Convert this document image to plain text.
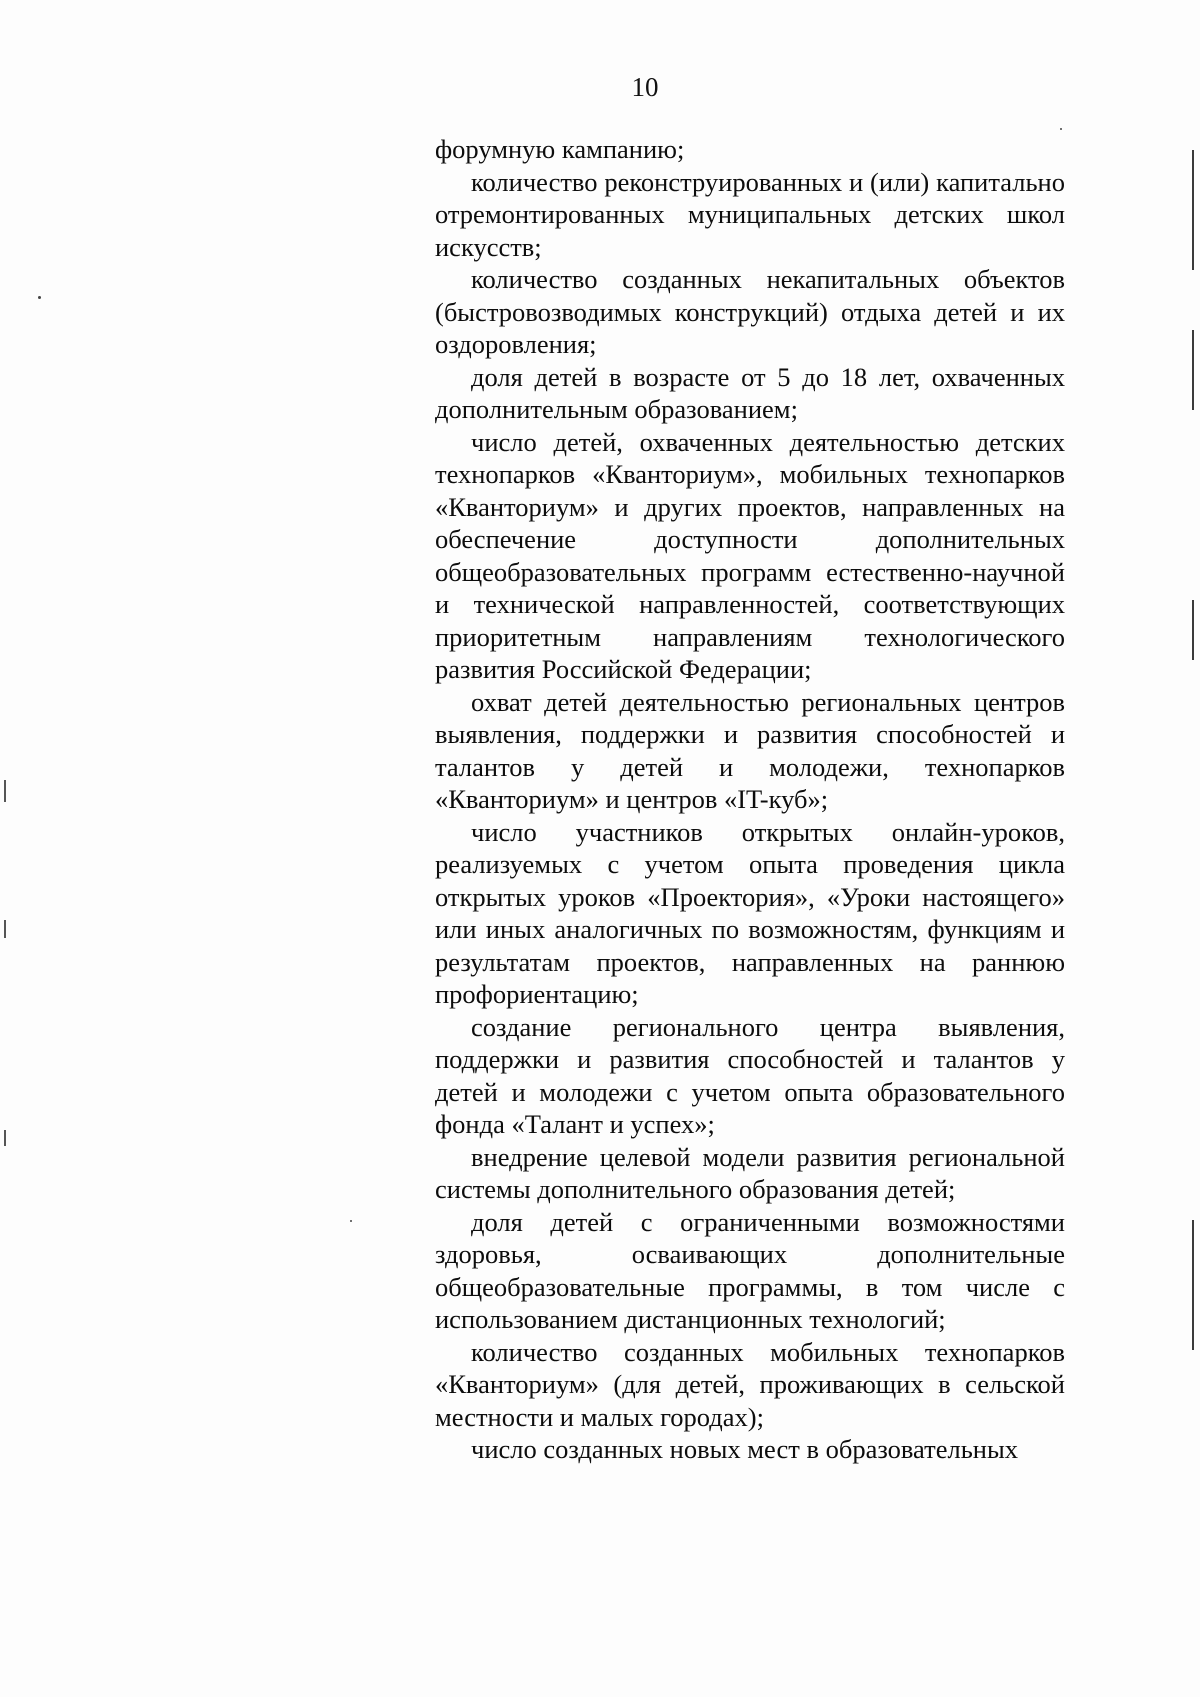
10

форумную кампанию;

количество реконструированных и (или) капитально отремонтированных муниципальных детских школ искусств;

количество созданных некапитальных объектов (быстровозводимых конструкций) отдыха детей и их оздоровления;

доля детей в возрасте от 5 до 18 лет, охваченных дополнительным образованием;

число детей, охваченных деятельностью детских технопарков «Кванториум», мобильных технопарков «Кванториум» и других проектов, направленных на обеспечение доступности дополнительных общеобразовательных программ естественно-научной и технической направленностей, соответствующих приоритетным направлениям технологического развития Российской Федерации;

охват детей деятельностью региональных центров выявления, поддержки и развития способностей и талантов у детей и молодежи, технопарков «Кванториум» и центров «IT-куб»;

число участников открытых онлайн-уроков, реализуемых с учетом опыта проведения цикла открытых уроков «Проектория», «Уроки настоящего» или иных аналогичных по возможностям, функциям и результатам проектов, направленных на раннюю профориентацию;

создание регионального центра выявления, поддержки и развития способностей и талантов у детей и молодежи с учетом опыта образовательного фонда «Талант и успех»;

внедрение целевой модели развития региональной системы дополнительного образования детей;

доля детей с ограниченными возможностями здоровья, осваивающих дополнительные общеобразовательные программы, в том числе с использованием дистанционных технологий;

количество созданных мобильных технопарков «Кванториум» (для детей, проживающих в сельской местности и малых городах);

число созданных новых мест в образовательных
